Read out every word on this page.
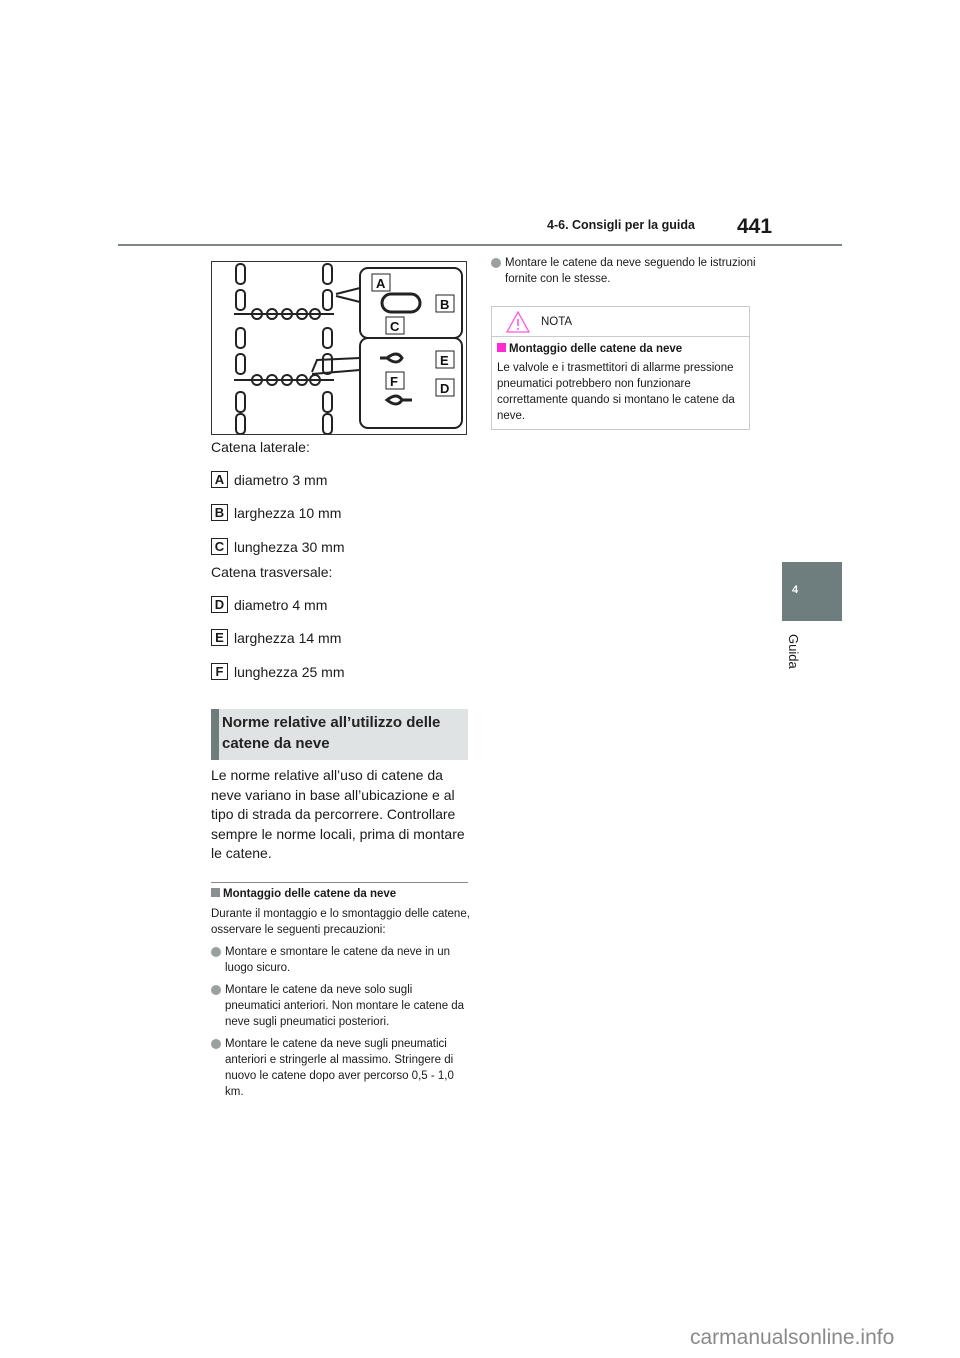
4-6. Consigli per la guida 441
A
B
C
D
E
F
Catena laterale:
A diametro 3 mm
B larghezza 10 mm
C lunghezza 30 mm
Catena trasversale:
D diametro 4 mm
E larghezza 14 mm
F lunghezza 25 mm
Norme relative all’utilizzo delle
catene da neve
Le norme relative all’uso di catene da neve variano in base all’ubicazione e al tipo di strada da percorrere. Controllare sempre le norme locali, prima di montare le catene.
Montaggio delle catene da neve
Durante il montaggio e lo smontaggio delle catene, osservare le seguenti precauzioni:
Montare e smontare le catene da neve in un luogo sicuro.
Montare le catene da neve solo sugli pneumatici anteriori. Non montare le catene da neve sugli pneumatici posteriori.
Montare le catene da neve sugli pneumatici anteriori e stringerle al massimo. Stringere di nuovo le catene dopo aver percorso 0,5 - 1,0 km.
Montare le catene da neve seguendo le istruzioni fornite con le stesse.
NOTA
Montaggio delle catene da neve
Le valvole e i trasmettitori di allarme pressione pneumatici potrebbero non funzionare correttamente quando si montano le catene da neve.
4
Guida
carmanualsonline.info
